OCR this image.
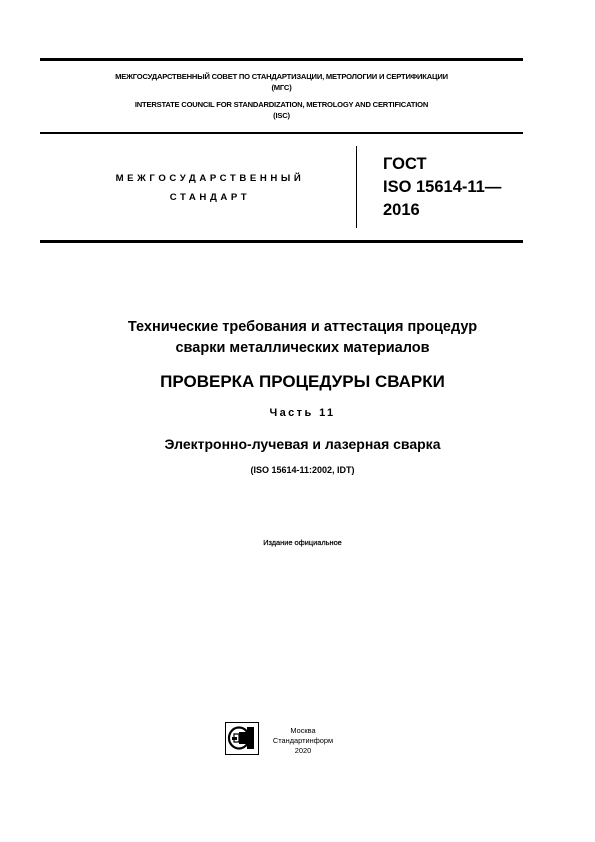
МЕЖГОСУДАРСТВЕННЫЙ СОВЕТ ПО СТАНДАРТИЗАЦИИ, МЕТРОЛОГИИ И СЕРТИФИКАЦИИ
(МГС)
INTERSTATE COUNCIL FOR STANDARDIZATION, METROLOGY AND CERTIFICATION
(ISC)
МЕЖГОСУДАРСТВЕННЫЙ
СТАНДАРТ
ГОСТ
ISO 15614-11—
2016
Технические требования и аттестация процедур
сварки металлических материалов
ПРОВЕРКА ПРОЦЕДУРЫ СВАРКИ
Часть 11
Электронно-лучевая и лазерная сварка
(ISO 15614-11:2002, IDT)
Издание официальное
Москва
Стандартинформ
2020
